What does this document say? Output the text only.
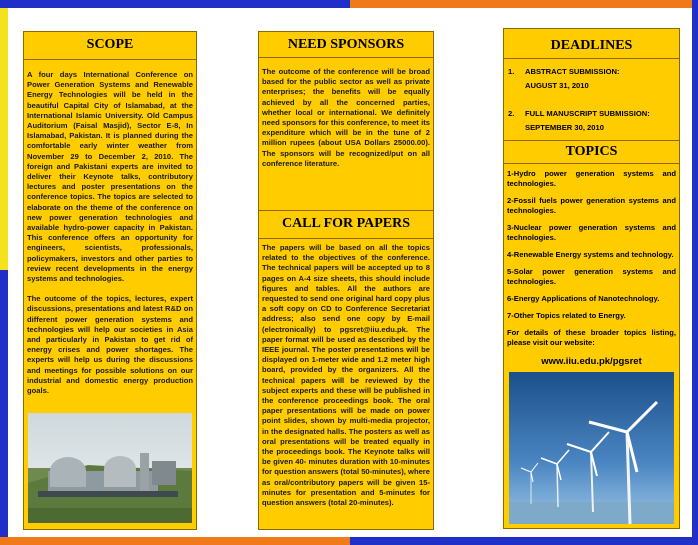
SCOPE

A four days International Conference on Power Generation Systems and Renewable Energy Technologies will be held in the beautiful Capital City of Islamabad, at the International Islamic University. Old Campus Auditorium (Faisal Masjid), Sector E-8, In Islamabad, Pakistan. It is planned during the comfortable early winter weather from November 29 to December 2, 2010. The foreign and Pakistani experts are invited to deliver their Keynote talks, contributory lectures and poster presentations on the conference topics. The topics are selected to elaborate on the theme of the conference on new power generation technologies and available hydro-power capacity in Pakistan. This conference offers an opportunity for engineers, scientists, professionals, policymakers, investors and other parties to review recent developments in the energy systems and technologies.

The outcome of the topics, lectures, expert discussions, presentations and latest R&D on different power generation systems and technologies will help our societies in Asia and particularly in Pakistan to get rid of energy crises and power shortages. The experts will help us during the discussions and meetings for possible solutions on our industrial and domestic energy production goals.

NEED SPONSORS

The outcome of the conference will be broad based for the public sector as well as private enterprises; the benefits will be equally achieved by all the concerned parties, whether local or international. We definitely need sponsors for this conference, to meet its expenditure which will be in the tune of 2 million rupees (about USA Dollars 25000.00). The sponsors will be recognized/put on all conference literature.

CALL FOR PAPERS

The papers will be based on all the topics related to the objectives of the conference. The technical papers will be accepted up to 8 pages on A-4 size sheets, this should include figures and tables. All the authors are requested to send one original hard copy plus a soft copy on CD to Conference Secretariat address; also send one copy by E-mail (electronically) to pgsret@iiu.edu.pk. The paper format will be used as described by the IEEE journal. The poster presentations will be displayed on 1-meter wide and 1.2 meter high board, provided by the organizers. All the technical papers will be reviewed by the subject experts and these will be published in the conference proceedings book. The oral paper presentations will be made on power point slides, shown by multi-media projector, in the designated halls. The posters as well as oral presentations will be treated equally in the proceedings book. The Keynote talks will be given 40- minutes duration with 10-minutes for question answers (total 50-minutes), where as oral/contributory papers will be given 15-minutes for presentation and 5-minutes for question answers (total 20-minutes).

DEADLINES
1.	ABSTRACT SUBMISSION:
AUGUST 31, 2010
2.	FULL MANUSCRIPT SUBMISSION:
SEPTEMBER 30, 2010
TOPICS

1-Hydro power generation systems and technologies.

2-Fossil fuels power generation systems and technologies.

3-Nuclear power generation systems and technologies.

4-Renewable Energy systems and technology.

5-Solar power generation systems and technologies.

6-Energy Applications of Nanotechnology.

7-Other Topics related to Energy.

For details of these broader topics listing, please visit our website:

www.iiu.edu.pk/pgsret
